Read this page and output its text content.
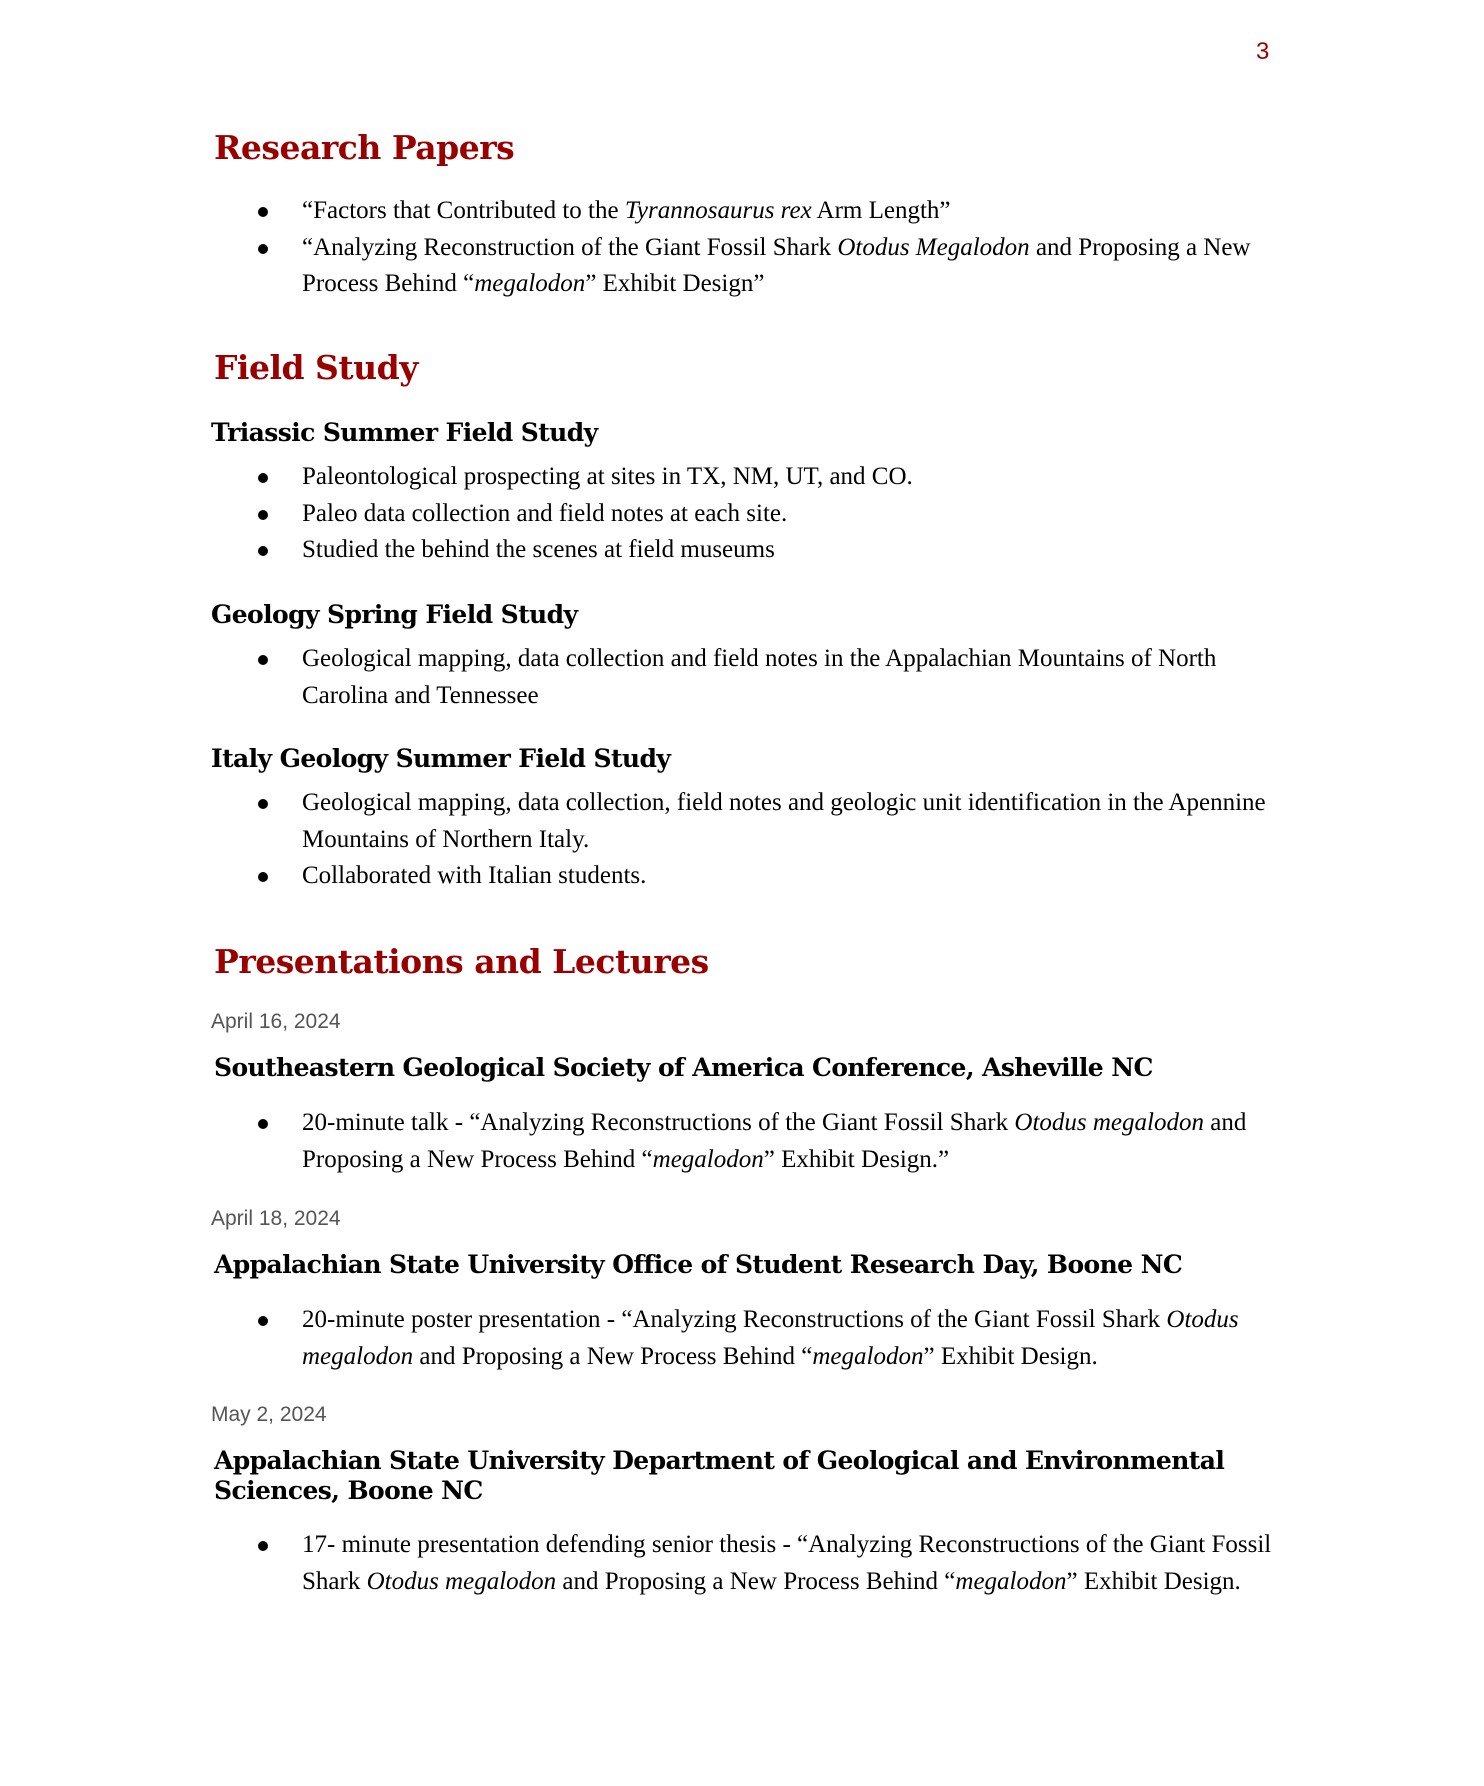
3
Research Papers
“Factors that Contributed to the Tyrannosaurus rex Arm Length”
“Analyzing Reconstruction of the Giant Fossil Shark Otodus Megalodon and Proposing a New Process Behind “megalodon” Exhibit Design”
Field Study
Triassic Summer Field Study
Paleontological prospecting at sites in TX, NM, UT, and CO.
Paleo data collection and field notes at each site.
Studied the behind the scenes at field museums
Geology Spring Field Study
Geological mapping, data collection and field notes in the Appalachian Mountains of North Carolina and Tennessee
Italy Geology Summer Field Study
Geological mapping, data collection, field notes and geologic unit identification in the Apennine Mountains of Northern Italy.
Collaborated with Italian students.
Presentations and Lectures
April 16, 2024
Southeastern Geological Society of America Conference, Asheville NC
20-minute talk - “Analyzing Reconstructions of the Giant Fossil Shark Otodus megalodon and Proposing a New Process Behind “megalodon” Exhibit Design.”
April 18, 2024
Appalachian State University Office of Student Research Day, Boone NC
20-minute poster presentation - “Analyzing Reconstructions of the Giant Fossil Shark Otodus megalodon and Proposing a New Process Behind “megalodon” Exhibit Design.
May 2, 2024
Appalachian State University Department of Geological and Environmental Sciences, Boone NC
17- minute presentation defending senior thesis - “Analyzing Reconstructions of the Giant Fossil Shark Otodus megalodon and Proposing a New Process Behind “megalodon” Exhibit Design.
